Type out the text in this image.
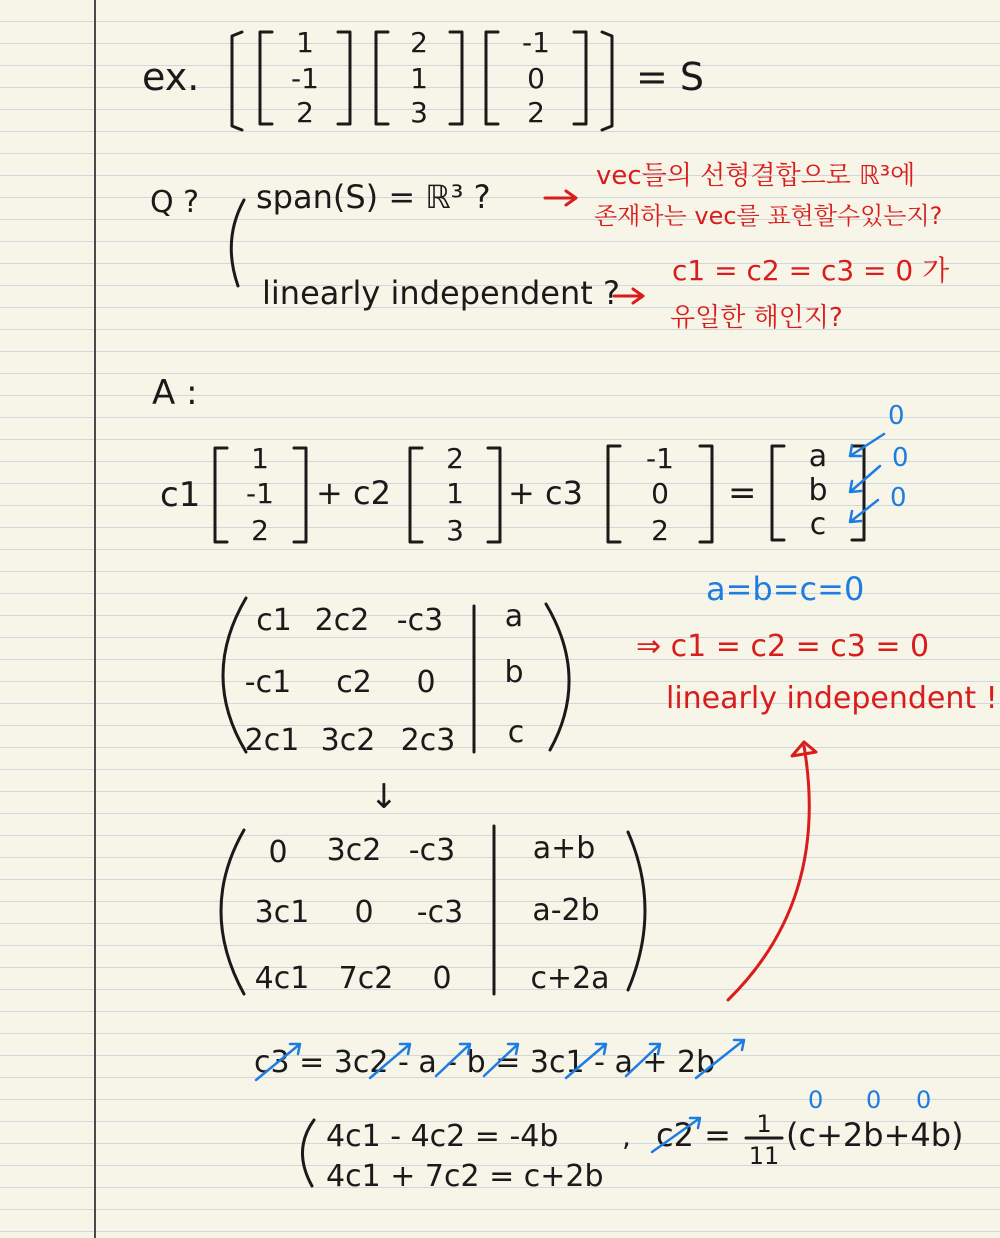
ex.
1
-1
2
2
1
3
-1
0
2
= S
Q ? span(S) = ℝ³ ?
vec들의 선형결합으로 ℝ³에
존재하는 vec를 표현할수있는지?
linearly independent ?
c1 = c2 = c3 = 0 가
유일한 해인지?
A :
c1
1
-1
2
+ c2
2
1
3
+ c3
-1
0
2
=
a
b
c
0
0
0
c1 2c2 -c3
-c1 c2 0
2c1 3c2 2c3
a
b
c
↓
0 3c2 -c3
3c1 0 -c3
4c1 7c2 0
a+b
a-2b
c+2a
a=b=c=0
⇒ c1 = c2 = c3 = 0
linearly independent !
c3 = 3c2 - a - b = 3c1 - a + 2b
4c1 - 4c2 = -4b
4c1 + 7c2 = c+2b
, c2 = 1
11
(c+2b+4b)
0 0 0
